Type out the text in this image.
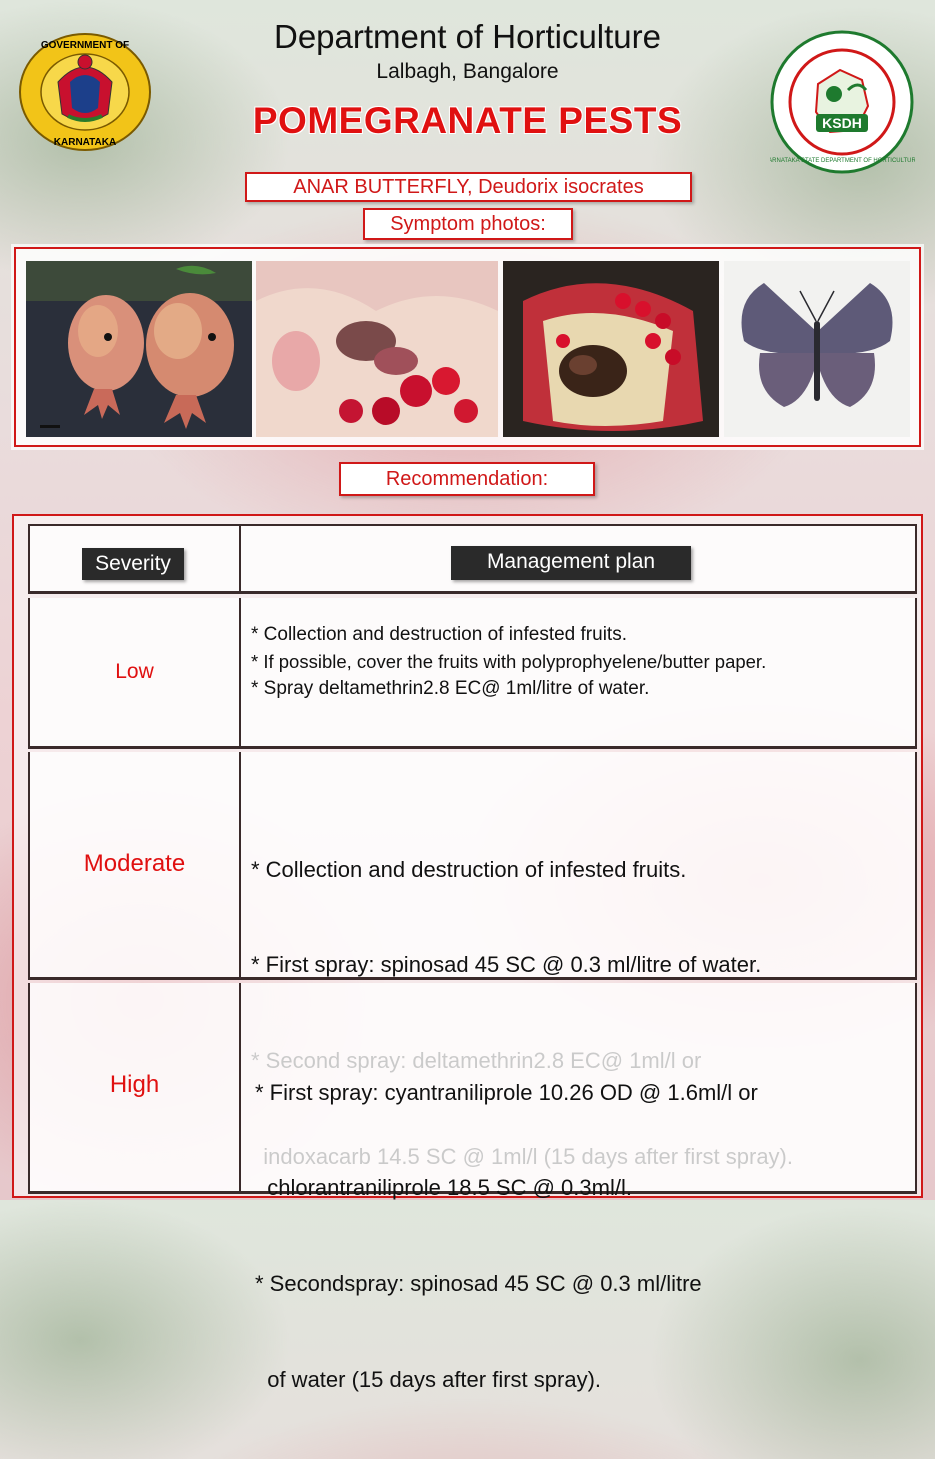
GOVERNMENT OF
KARNATAKA
KSDH
KARNATAKA STATE DEPARTMENT OF HORTICULTURE
Department of Horticulture
Lalbagh, Bangalore
POMEGRANATE PESTS
ANAR BUTTERFLY, Deudorix isocrates
Symptom photos:
Recommendation:
Severity	Management plan
Low
* Collection and destruction of infested fruits.
* If possible, cover the fruits with polyprophyelene/butter paper.
* Spray deltamethrin2.8 EC@ 1ml/litre of water.
Moderate

	* Collection and destruction of infested fruits.

* First spray: spinosad 45 SC @ 0.3 ml/litre of water.

High

	* First spray: cyantraniliprole 10.26 OD @ 1.6ml/l or

chlorantraniliprole 18.5 SC @ 0.3ml/l.

* Secondspray: spinosad 45 SC @ 0.3 ml/litre

of water (15 days after first spray).
